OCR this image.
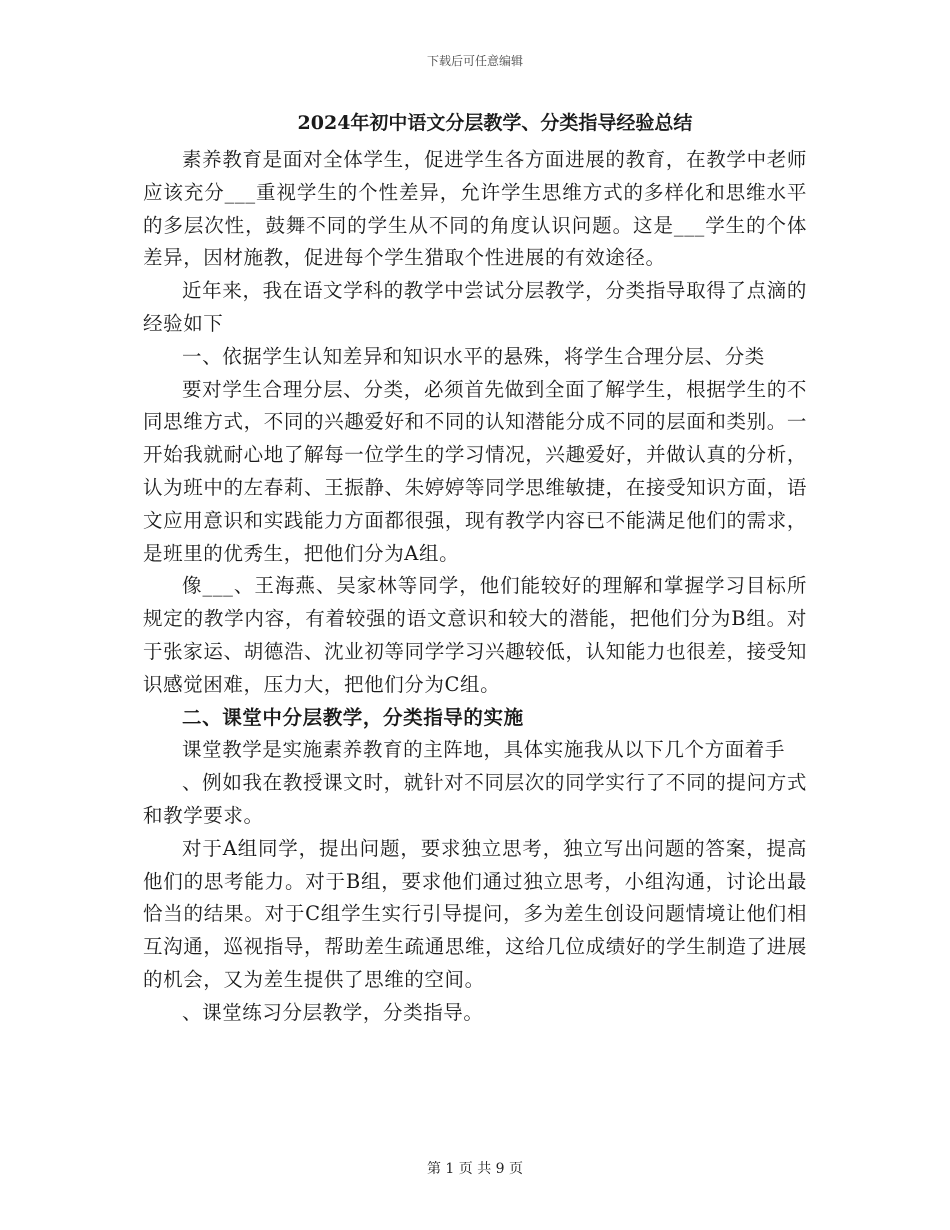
下载后可任意编辑
2024年初中语文分层教学、分类指导经验总结

素养教育是面对全体学生，促进学生各方面进展的教育，在教学中老师应该充分___重视学生的个性差异，允许学生思维方式的多样化和思维水平的多层次性，鼓舞不同的学生从不同的角度认识问题。这是___学生的个体差异，因材施教，促进每个学生猎取个性进展的有效途径。

近年来，我在语文学科的教学中尝试分层教学，分类指导取得了点滴的经验如下

一、依据学生认知差异和知识水平的悬殊，将学生合理分层、分类

要对学生合理分层、分类，必须首先做到全面了解学生，根据学生的不同思维方式，不同的兴趣爱好和不同的认知潜能分成不同的层面和类别。一开始我就耐心地了解每一位学生的学习情况，兴趣爱好，并做认真的分析，认为班中的左春莉、王振静、朱婷婷等同学思维敏捷，在接受知识方面，语文应用意识和实践能力方面都很强，现有教学内容已不能满足他们的需求，是班里的优秀生，把他们分为A组。

像___、王海燕、吴家林等同学，他们能较好的理解和掌握学习目标所规定的教学内容，有着较强的语文意识和较大的潜能，把他们分为B组。对于张家运、胡德浩、沈业初等同学学习兴趣较低，认知能力也很差，接受知识感觉困难，压力大，把他们分为C组。

二、课堂中分层教学，分类指导的实施

课堂教学是实施素养教育的主阵地，具体实施我从以下几个方面着手

、例如我在教授课文时，就针对不同层次的同学实行了不同的提问方式和教学要求。

对于A组同学，提出问题，要求独立思考，独立写出问题的答案，提高他们的思考能力。对于B组，要求他们通过独立思考，小组沟通，讨论出最恰当的结果。对于C组学生实行引导提问，多为差生创设问题情境让他们相互沟通，巡视指导，帮助差生疏通思维，这给几位成绩好的学生制造了进展的机会，又为差生提供了思维的空间。

、课堂练习分层教学，分类指导。

第 1 页 共 9 页
